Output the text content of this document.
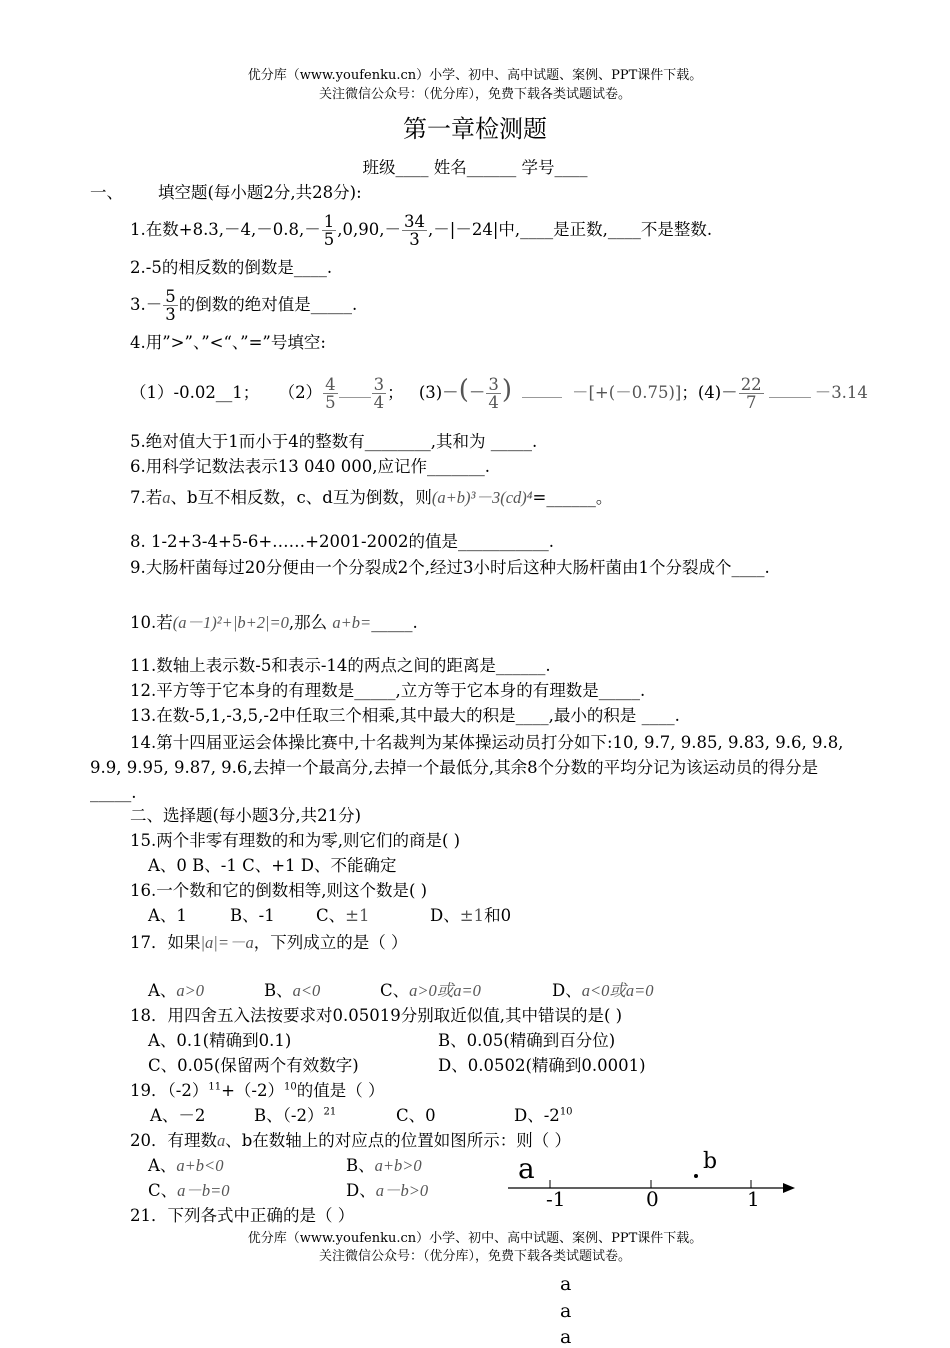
优分库（www.youfenku.cn）小学、初中、高中试题、案例、PPT课件下载。
关注微信公众号：（优分库），免费下载各类试题试卷。
第一章检测题
班级____ 姓名______ 学号____
一、 填空题(每小题2分,共28分):
1.在数$+8.3,-4,-0.8,- \frac{1}{5} ,0,90,- \frac{34}{3} ,-|-24|$中,____是正数,____不是整数.
2.-5的相反数的倒数是____.
$3.- \frac{5}{3}$ 的倒数的绝对值是_____.
4.用”>”、”<“、”=”号填空:
（1）-0.02__1； $(2) \frac{4}{5} \frac{3}{4}$ ； $(3)-(- \frac{3}{4}$ )	－[+(－0.75)]；$(4)- \frac{22}{7}$	－3.14
5.绝对值大于1而小于4的整数有________,其和为 _____.
6.用科学记数法表示13 040 000,应记作_______.
7.若a、b互不相反数，c、d互为倒数，则(a+b)³－3(cd)⁴=______。
8. 1-2+3-4+5-6+……+2001-2002的值是___________.
9.大肠杆菌每过20分便由一个分裂成2个,经过3小时后这种大肠杆菌由1个分裂成个____.
10.若(a－1)²+|b+2|=0,那么 a+b=_____.
11.数轴上表示数-5和表示-14的两点之间的距离是______.
12.平方等于它本身的有理数是_____,立方等于它本身的有理数是_____.
13.在数-5,1,-3,5,-2中任取三个相乘,其中最大的积是____,最小的积是 ____.
14.第十四届亚运会体操比赛中,十名裁判为某体操运动员打分如下:10, 9.7, 9.85, 9.83, 9.6, 9.8, 9.9, 9.95, 9.87, 9.6,去掉一个最高分,去掉一个最低分,其余8个分数的平均分记为该运动员的得分是_____.
二、选择题(每小题3分,共21分)
15.两个非零有理数的和为零,则它们的商是( )
A、0 B、-1 C、+1 D、不能确定
16.一个数和它的倒数相等,则这个数是( )
A、1	B、-1	C、±1	D、±1和0
17．如果|a|=－a，下列成立的是（ ）
A、a>0	B、a<0	C、a>0或a=0	D、a<0或a=0
18．用四舍五入法按要求对0.05019分别取近似值,其中错误的是( )
A、0.1(精确到0.1)	B、0.05(精确到百分位)
C、0.05(保留两个有效数字)	D、0.0502(精确到0.0001)
19．$(-2)^{11}+(-2)^{10}$的值是（ ）
A、－2	B、$(-2)^{21}$	C、0	D、$-2^{10}$
20．有理数a、b在数轴上的对应点的位置如图所示：则（ ）
A、a+b<0	B、a+b>0
C、a－b=0	D、a－b>0
a	b
-1	0	1
21．下列各式中正确的是（ ）
优分库（www.youfenku.cn）小学、初中、高中试题、案例、PPT课件下载。
关注微信公众号：（优分库），免费下载各类试题试卷。
a
a
a
